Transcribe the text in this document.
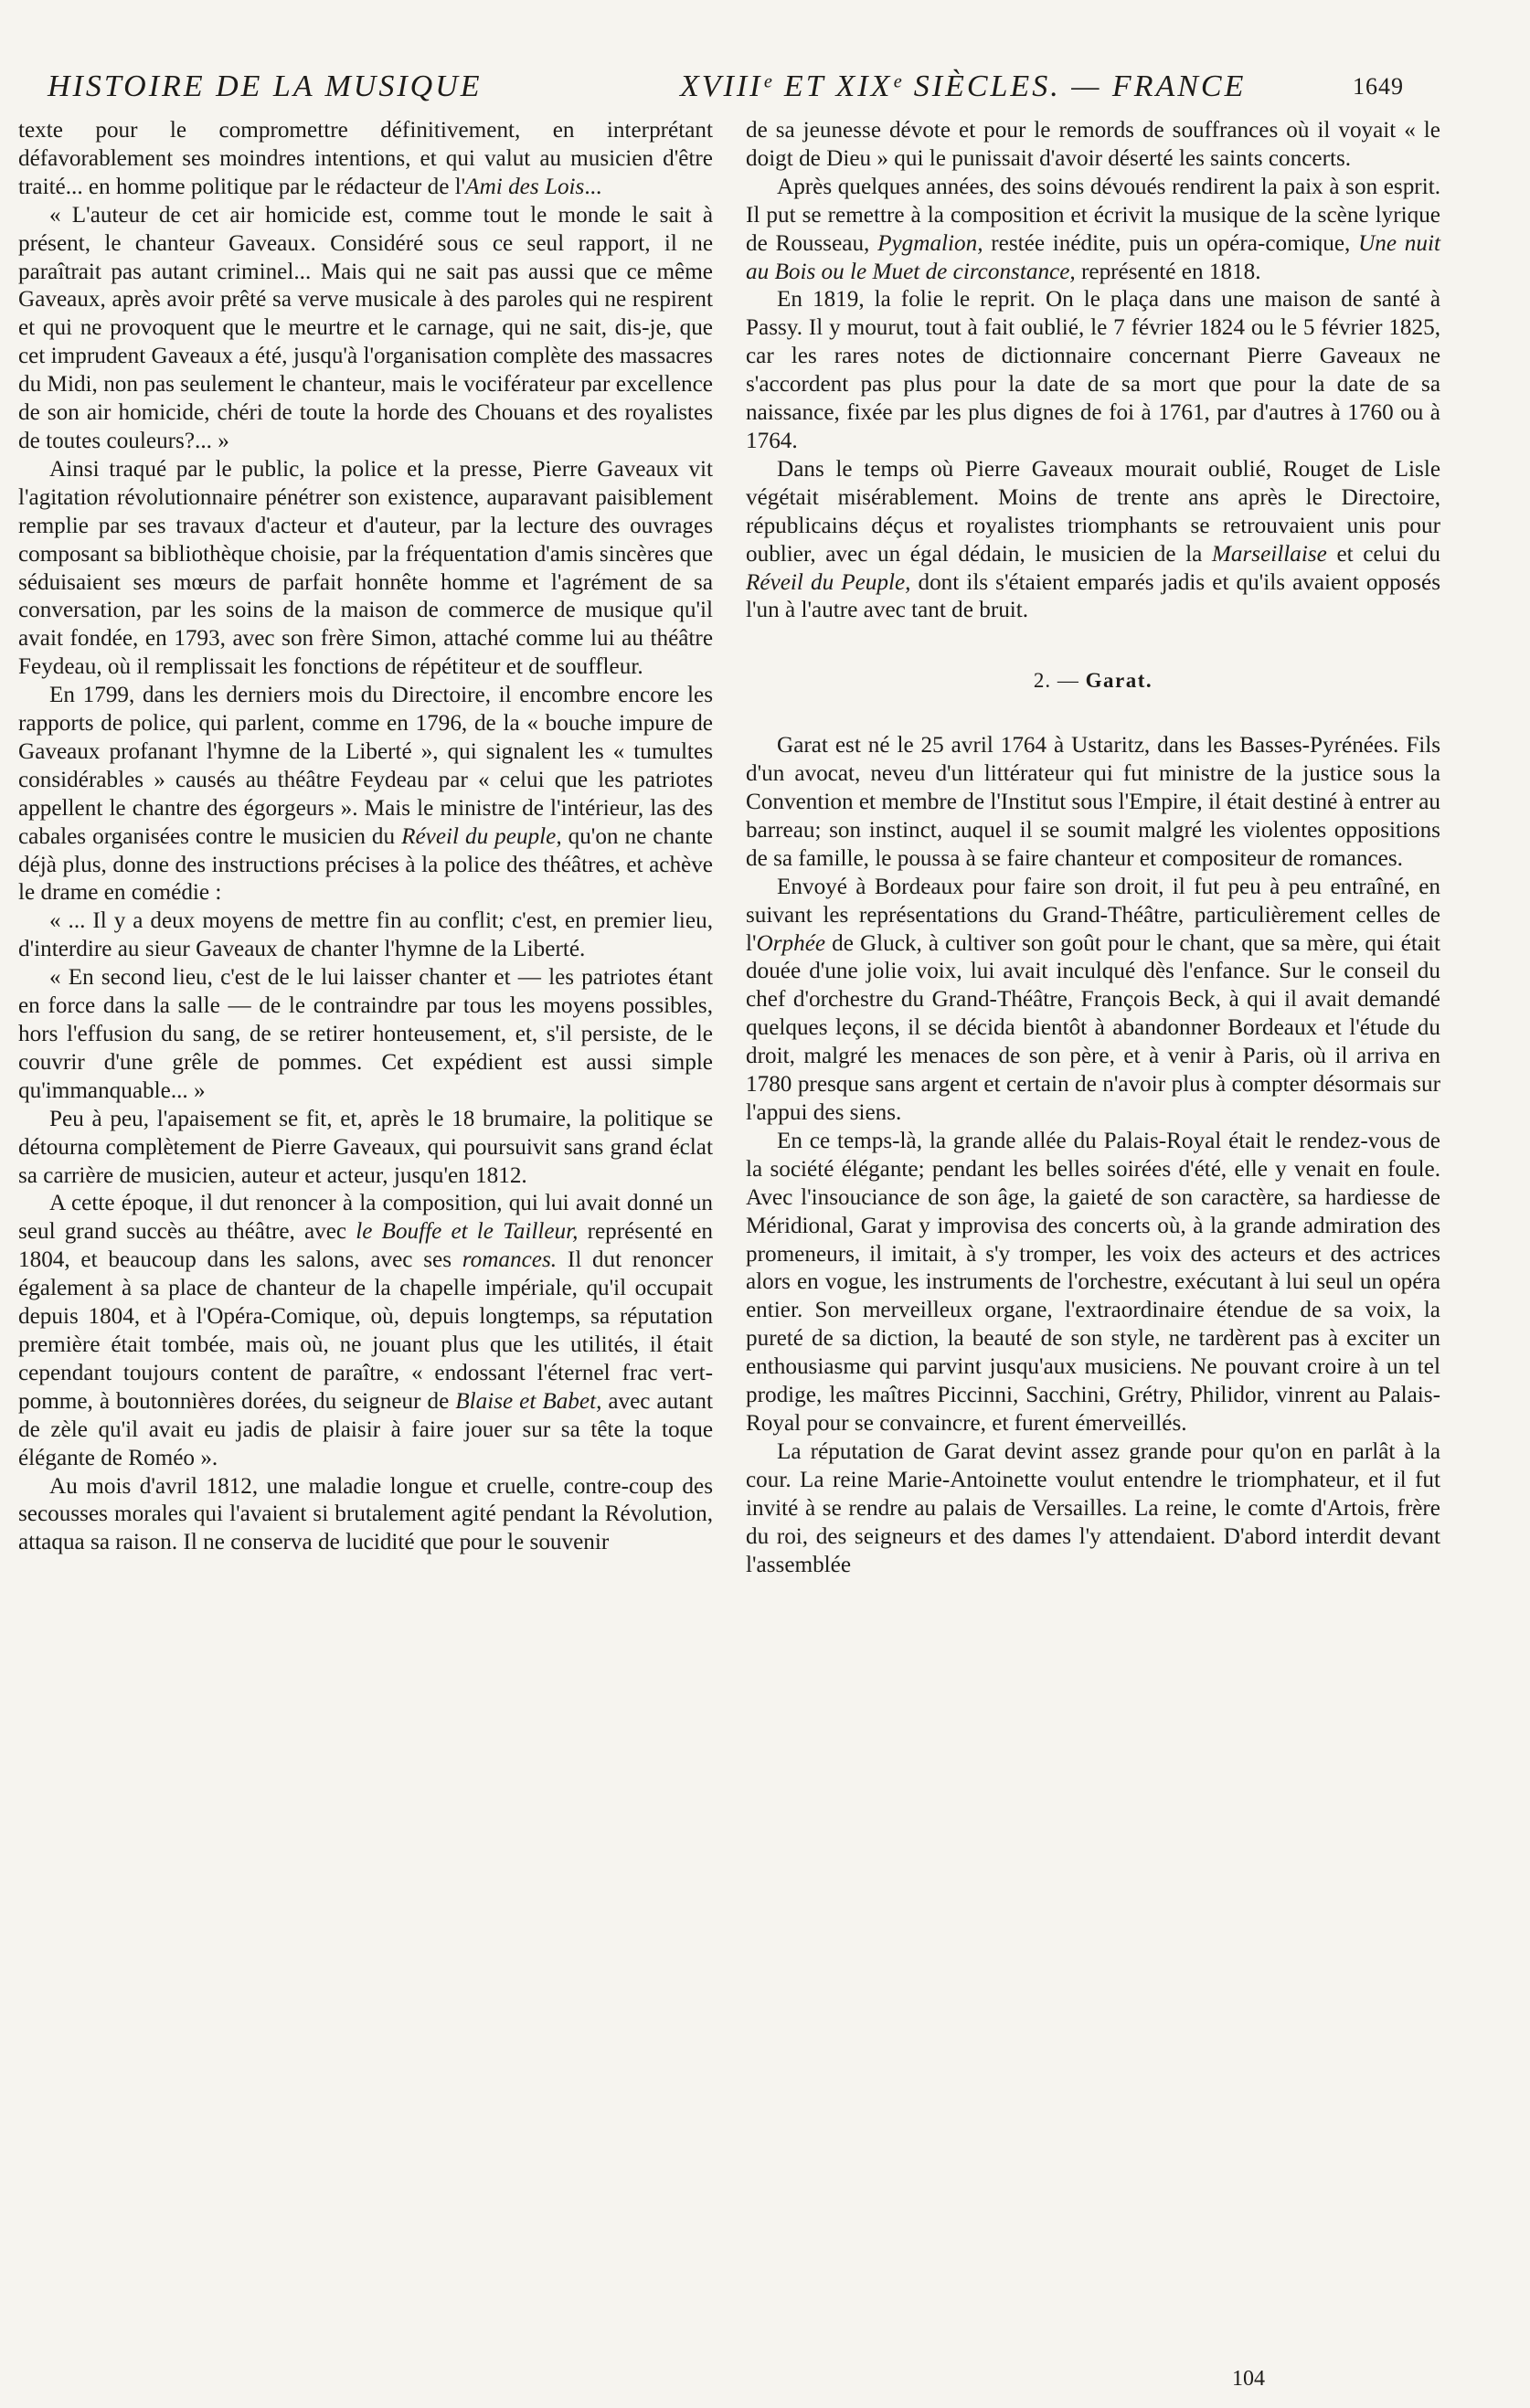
HISTOIRE DE LA MUSIQUE	XVIIIᵉ ET XIXᵉ SIÈCLES. — FRANCE	1649

texte pour le compromettre définitivement, en interprétant défavorablement ses moindres intentions, et qui valut au musicien d'être traité... en homme politique par le rédacteur de l'Ami des Lois...

« L'auteur de cet air homicide est, comme tout le monde le sait à présent, le chanteur Gaveaux. Considéré sous ce seul rapport, il ne paraîtrait pas autant criminel... Mais qui ne sait pas aussi que ce même Gaveaux, après avoir prêté sa verve musicale à des paroles qui ne respirent et qui ne provoquent que le meurtre et le carnage, qui ne sait, dis-je, que cet imprudent Gaveaux a été, jusqu'à l'organisation complète des massacres du Midi, non pas seulement le chanteur, mais le vociférateur par excellence de son air homicide, chéri de toute la horde des Chouans et des royalistes de toutes couleurs?... »

Ainsi traqué par le public, la police et la presse, Pierre Gaveaux vit l'agitation révolutionnaire pénétrer son existence, auparavant paisiblement remplie par ses travaux d'acteur et d'auteur, par la lecture des ouvrages composant sa bibliothèque choisie, par la fréquentation d'amis sincères que séduisaient ses mœurs de parfait honnête homme et l'agrément de sa conversation, par les soins de la maison de commerce de musique qu'il avait fondée, en 1793, avec son frère Simon, attaché comme lui au théâtre Feydeau, où il remplissait les fonctions de répétiteur et de souffleur.

En 1799, dans les derniers mois du Directoire, il encombre encore les rapports de police, qui parlent, comme en 1796, de la « bouche impure de Gaveaux profanant l'hymne de la Liberté », qui signalent les « tumultes considérables » causés au théâtre Feydeau par « celui que les patriotes appellent le chantre des égorgeurs ». Mais le ministre de l'intérieur, las des cabales organisées contre le musicien du Réveil du peuple, qu'on ne chante déjà plus, donne des instructions précises à la police des théâtres, et achève le drame en comédie :

« ... Il y a deux moyens de mettre fin au conflit; c'est, en premier lieu, d'interdire au sieur Gaveaux de chanter l'hymne de la Liberté.

« En second lieu, c'est de le lui laisser chanter et — les patriotes étant en force dans la salle — de le contraindre par tous les moyens possibles, hors l'effusion du sang, de se retirer honteusement, et, s'il persiste, de le couvrir d'une grêle de pommes. Cet expédient est aussi simple qu'immanquable... »

Peu à peu, l'apaisement se fit, et, après le 18 brumaire, la politique se détourna complètement de Pierre Gaveaux, qui poursuivit sans grand éclat sa carrière de musicien, auteur et acteur, jusqu'en 1812.

A cette époque, il dut renoncer à la composition, qui lui avait donné un seul grand succès au théâtre, avec le Bouffe et le Tailleur, représenté en 1804, et beaucoup dans les salons, avec ses romances. Il dut renoncer également à sa place de chanteur de la chapelle impériale, qu'il occupait depuis 1804, et à l'Opéra-Comique, où, depuis longtemps, sa réputation première était tombée, mais où, ne jouant plus que les utilités, il était cependant toujours content de paraître, « endossant l'éternel frac vert-pomme, à boutonnières dorées, du seigneur de Blaise et Babet, avec autant de zèle qu'il avait eu jadis de plaisir à faire jouer sur sa tête la toque élégante de Roméo ».

Au mois d'avril 1812, une maladie longue et cruelle, contre-coup des secousses morales qui l'avaient si brutalement agité pendant la Révolution, attaqua sa raison. Il ne conserva de lucidité que pour le souvenir

de sa jeunesse dévote et pour le remords de souffrances où il voyait « le doigt de Dieu » qui le punissait d'avoir déserté les saints concerts.

Après quelques années, des soins dévoués rendirent la paix à son esprit. Il put se remettre à la composition et écrivit la musique de la scène lyrique de Rousseau, Pygmalion, restée inédite, puis un opéra-comique, Une nuit au Bois ou le Muet de circonstance, représenté en 1818.

En 1819, la folie le reprit. On le plaça dans une maison de santé à Passy. Il y mourut, tout à fait oublié, le 7 février 1824 ou le 5 février 1825, car les rares notes de dictionnaire concernant Pierre Gaveaux ne s'accordent pas plus pour la date de sa mort que pour la date de sa naissance, fixée par les plus dignes de foi à 1761, par d'autres à 1760 ou à 1764.

Dans le temps où Pierre Gaveaux mourait oublié, Rouget de Lisle végétait misérablement. Moins de trente ans après le Directoire, républicains déçus et royalistes triomphants se retrouvaient unis pour oublier, avec un égal dédain, le musicien de la Marseillaise et celui du Réveil du Peuple, dont ils s'étaient emparés jadis et qu'ils avaient opposés l'un à l'autre avec tant de bruit.

2. — Garat.

Garat est né le 25 avril 1764 à Ustaritz, dans les Basses-Pyrénées. Fils d'un avocat, neveu d'un littérateur qui fut ministre de la justice sous la Convention et membre de l'Institut sous l'Empire, il était destiné à entrer au barreau; son instinct, auquel il se soumit malgré les violentes oppositions de sa famille, le poussa à se faire chanteur et compositeur de romances.

Envoyé à Bordeaux pour faire son droit, il fut peu à peu entraîné, en suivant les représentations du Grand-Théâtre, particulièrement celles de l'Orphée de Gluck, à cultiver son goût pour le chant, que sa mère, qui était douée d'une jolie voix, lui avait inculqué dès l'enfance. Sur le conseil du chef d'orchestre du Grand-Théâtre, François Beck, à qui il avait demandé quelques leçons, il se décida bientôt à abandonner Bordeaux et l'étude du droit, malgré les menaces de son père, et à venir à Paris, où il arriva en 1780 presque sans argent et certain de n'avoir plus à compter désormais sur l'appui des siens.

En ce temps-là, la grande allée du Palais-Royal était le rendez-vous de la société élégante; pendant les belles soirées d'été, elle y venait en foule. Avec l'insouciance de son âge, la gaieté de son caractère, sa hardiesse de Méridional, Garat y improvisa des concerts où, à la grande admiration des promeneurs, il imitait, à s'y tromper, les voix des acteurs et des actrices alors en vogue, les instruments de l'orchestre, exécutant à lui seul un opéra entier. Son merveilleux organe, l'extraordinaire étendue de sa voix, la pureté de sa diction, la beauté de son style, ne tardèrent pas à exciter un enthousiasme qui parvint jusqu'aux musiciens. Ne pouvant croire à un tel prodige, les maîtres Piccinni, Sacchini, Grétry, Philidor, vinrent au Palais-Royal pour se convaincre, et furent émerveillés.

La réputation de Garat devint assez grande pour qu'on en parlât à la cour. La reine Marie-Antoinette voulut entendre le triomphateur, et il fut invité à se rendre au palais de Versailles. La reine, le comte d'Artois, frère du roi, des seigneurs et des dames l'y attendaient. D'abord interdit devant l'assemblée

104
